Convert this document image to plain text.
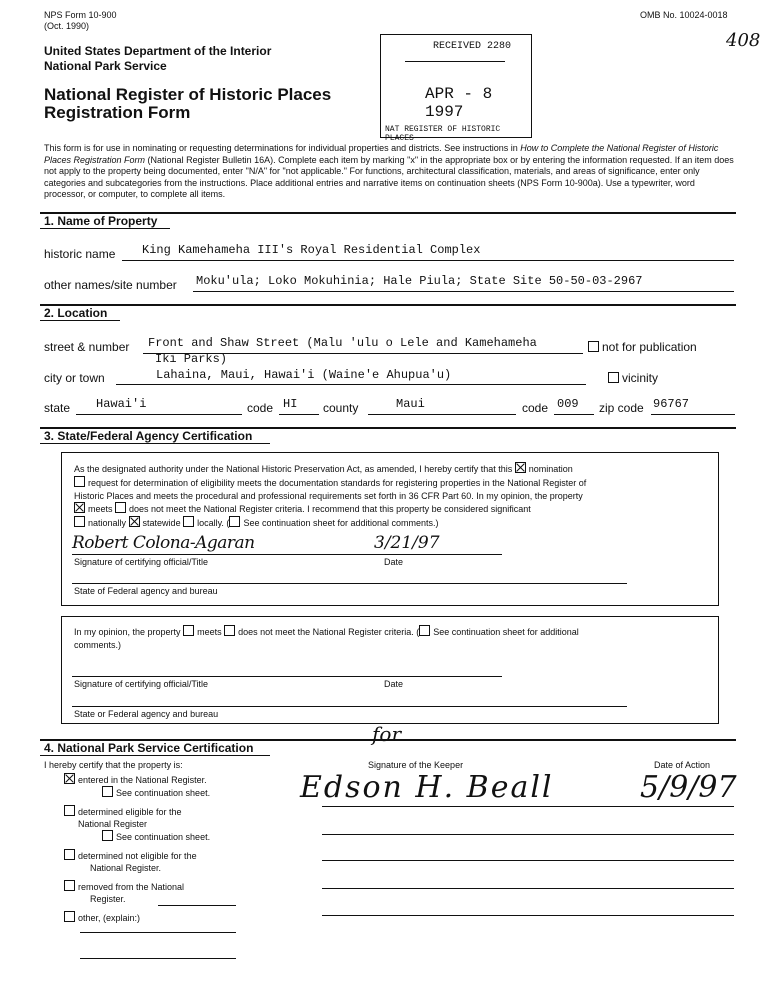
NPS Form 10-900
(Oct. 1990)
OMB No. 10024-0018
408
United States Department of the Interior
National Park Service
National Register of Historic Places
Registration Form
RECEIVED 2280
APR - 8 1997
NAT REGISTER OF HISTORIC PLACES
This form is for use in nominating or requesting determinations for individual properties and districts. See instructions in How to Complete the National Register of Historic Places Registration Form (National Register Bulletin 16A). Complete each item by marking "x" in the appropriate box or by entering the information requested. If an item does not apply to the property being documented, enter "N/A" for "not applicable." For functions, architectural classification, materials, and areas of significance, enter only categories and subcategories from the instructions. Place additional entries and narrative items on continuation sheets (NPS Form 10-900a). Use a typewriter, word processor, or computer, to complete all items.
1. Name of Property
historic name King Kamehameha III's Royal Residential Complex
other names/site number Moku'ula; Loko Mokuhinia; Hale Piula; State Site 50-50-03-2967
2. Location
street & number Front and Shaw Street (Malu 'ulu o Lele and Kamehameha
Iki Parks)
not for publication
city or town	Lahaina, Maui, Hawai'i (Waine'e Ahupua'u)	vicinity
state Hawai'i	code HI county	Maui	code 009 zip code 96767
3. State/Federal Agency Certification
As the designated authority under the National Historic Preservation Act, as amended, I hereby certify that this nomination
request for determination of eligibility meets the documentation standards for registering properties in the National Register of
Historic Places and meets the procedural and professional requirements set forth in 36 CFR Part 60. In my opinion, the property
meets does not meet the National Register criteria. I recommend that this property be considered significant
nationally statewide locally. ( See continuation sheet for additional comments.)
Robert Colona-Agaran	3/21/97
Signature of certifying official/Title	Date
State of Federal agency and bureau
In my opinion, the property meets does not meet the National Register criteria. ( See continuation sheet for additional
comments.)
Signature of certifying official/Title	Date
State or Federal agency and bureau
4. National Park Service Certification
I hereby certify that the property is:	Signature of the Keeper	Date of Action
for
Edson H. Beall	5/9/97
entered in the National Register.
See continuation sheet.
determined eligible for the
National Register
See continuation sheet.
determined not eligible for the
National Register.
removed from the National
Register.
other, (explain:)
